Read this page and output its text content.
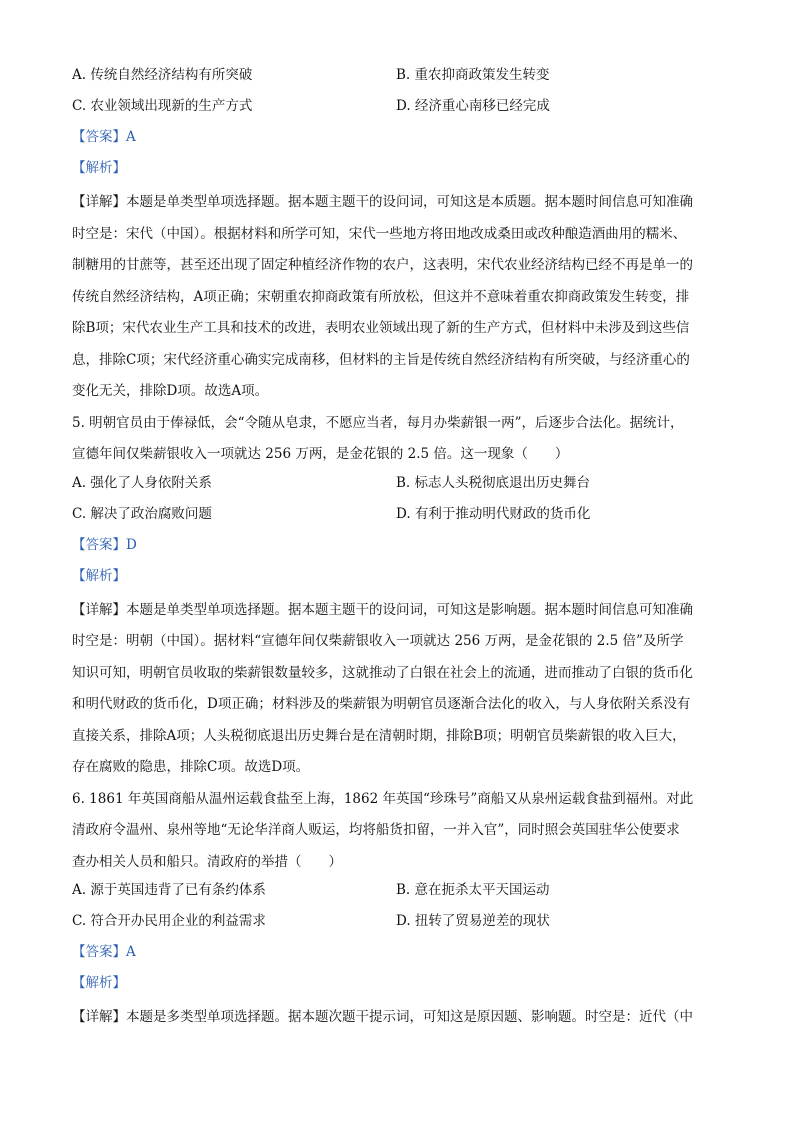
A. 传统自然经济结构有所突破	B. 重农抑商政策发生转变
C. 农业领域出现新的生产方式	D. 经济重心南移已经完成
【答案】A
【解析】
【详解】本题是单类型单项选择题。据本题主题干的设问词，可知这是本质题。据本题时间信息可知准确
时空是：宋代（中国）。根据材料和所学可知，宋代一些地方将田地改成桑田或改种酿造酒曲用的糯米、
制糖用的甘蔗等，甚至还出现了固定种植经济作物的农户，这表明，宋代农业经济结构已经不再是单一的
传统自然经济结构，A项正确；宋朝重农抑商政策有所放松，但这并不意味着重农抑商政策发生转变，排
除B项；宋代农业生产工具和技术的改进，表明农业领域出现了新的生产方式，但材料中未涉及到这些信
息，排除C项；宋代经济重心确实完成南移，但材料的主旨是传统自然经济结构有所突破，与经济重心的
变化无关，排除D项。故选A项。
5. 明朝官员由于俸禄低，会“令随从皂隶，不愿应当者，每月办柴薪银一两”，后逐步合法化。据统计，
宣德年间仅柴薪银收入一项就达 256 万两，是金花银的 2.5 倍。这一现象（　　）
A. 强化了人身依附关系	B. 标志人头税彻底退出历史舞台
C. 解决了政治腐败问题	D. 有利于推动明代财政的货币化
【答案】D
【解析】
【详解】本题是单类型单项选择题。据本题主题干的设问词，可知这是影响题。据本题时间信息可知准确
时空是：明朝（中国）。据材料“宣德年间仅柴薪银收入一项就达 256 万两，是金花银的 2.5 倍”及所学
知识可知，明朝官员收取的柴薪银数量较多，这就推动了白银在社会上的流通，进而推动了白银的货币化
和明代财政的货币化，D项正确；材料涉及的柴薪银为明朝官员逐渐合法化的收入，与人身依附关系没有
直接关系，排除A项；人头税彻底退出历史舞台是在清朝时期，排除B项；明朝官员柴薪银的收入巨大，
存在腐败的隐患，排除C项。故选D项。
6. 1861 年英国商船从温州运载食盐至上海，1862 年英国“珍珠号”商船又从泉州运载食盐到福州。对此
清政府令温州、泉州等地“无论华洋商人贩运，均将船货扣留，一并入官”，同时照会英国驻华公使要求
查办相关人员和船只。清政府的举措（　　）
A. 源于英国违背了已有条约体系	B. 意在扼杀太平天国运动
C. 符合开办民用企业的利益需求	D. 扭转了贸易逆差的现状
【答案】A
【解析】
【详解】本题是多类型单项选择题。据本题次题干提示词，可知这是原因题、影响题。时空是：近代（中
